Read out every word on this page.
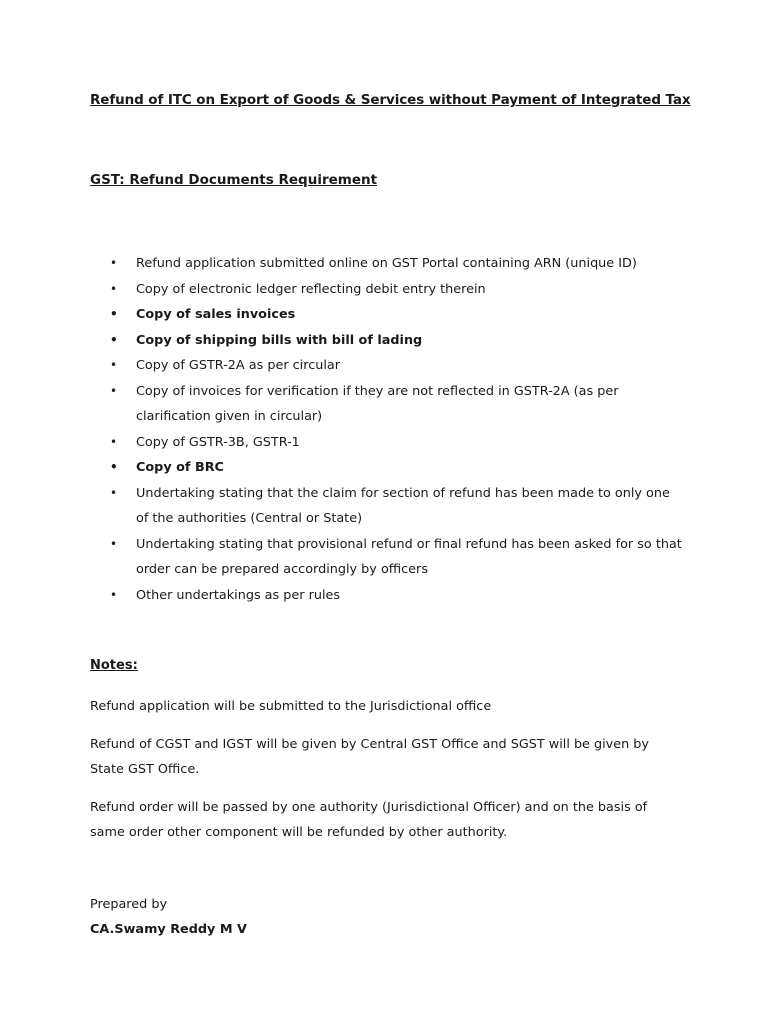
Refund of ITC on Export of Goods & Services without Payment of Integrated Tax
GST: Refund Documents Requirement
• Refund application submitted online on GST Portal containing ARN (unique ID)
• Copy of electronic ledger reflecting debit entry therein
• Copy of sales invoices
• Copy of shipping bills with bill of lading
• Copy of GSTR-2A as per circular
• Copy of invoices for verification if they are not reflected in GSTR-2A (as per clarification given in circular)
• Copy of GSTR-3B, GSTR-1
• Copy of BRC
• Undertaking stating that the claim for section of refund has been made to only one of the authorities (Central or State)
• Undertaking stating that provisional refund or final refund has been asked for so that order can be prepared accordingly by officers
• Other undertakings as per rules
Notes:

Refund application will be submitted to the Jurisdictional office

Refund of CGST and IGST will be given by Central GST Office and SGST will be given by State GST Office.

Refund order will be passed by one authority (Jurisdictional Officer) and on the basis of same order other component will be refunded by other authority.

Prepared by
CA.Swamy Reddy M V
